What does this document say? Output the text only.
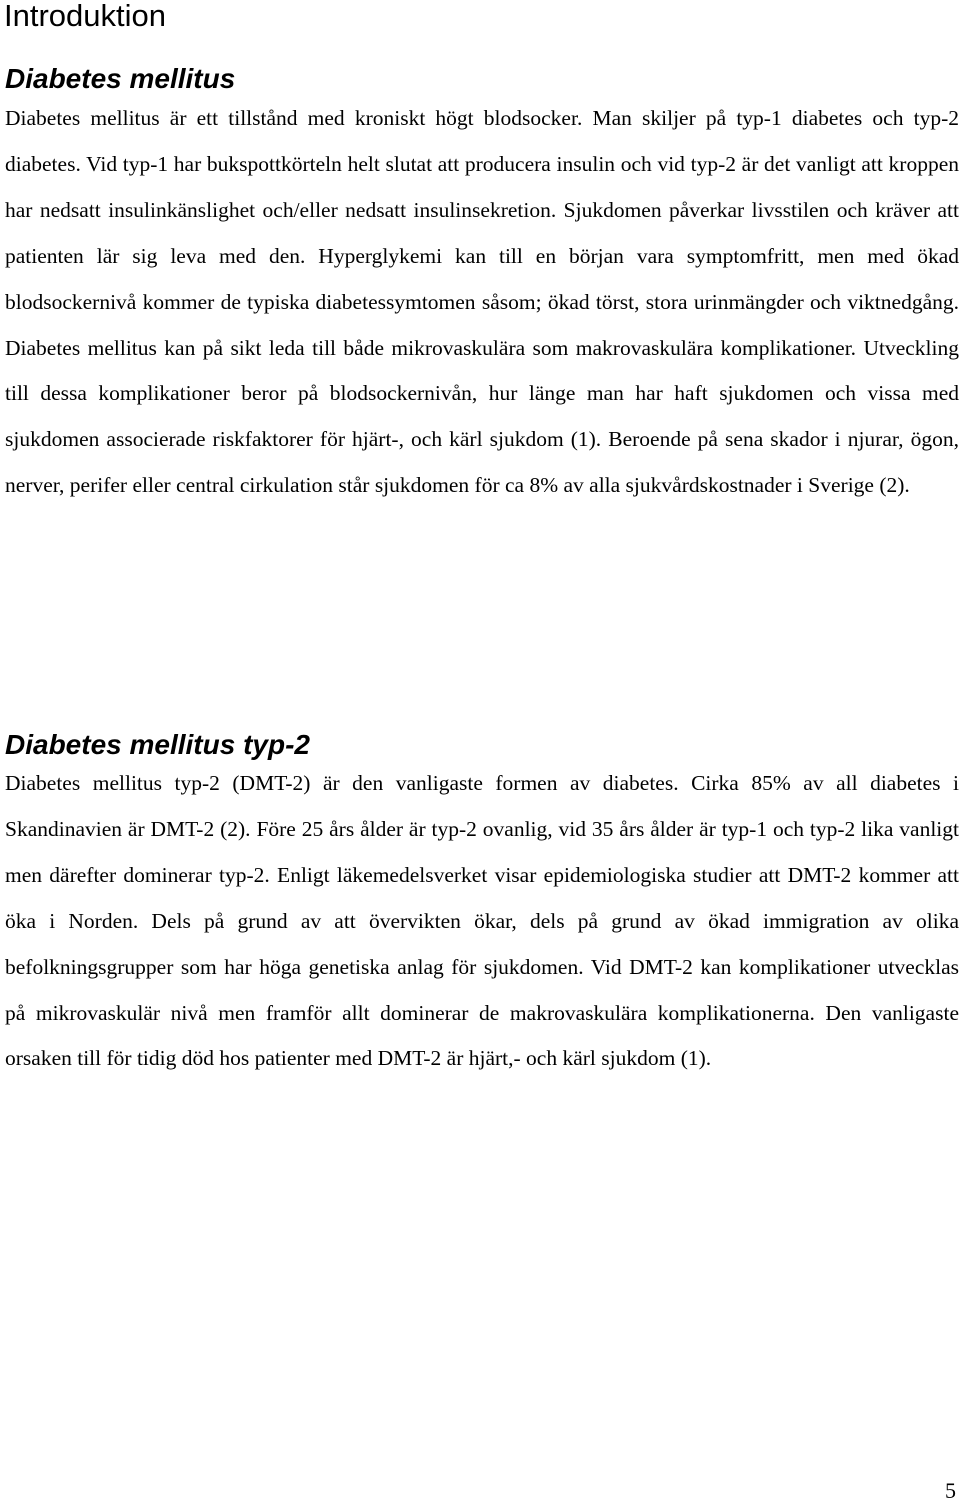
Introduktion
Diabetes mellitus

Diabetes mellitus är ett tillstånd med kroniskt högt blodsocker. Man skiljer på typ-1 diabetes och typ-2 diabetes. Vid typ-1 har bukspottkörteln helt slutat att producera insulin och vid typ-2 är det vanligt att kroppen har nedsatt insulinkänslighet och/eller nedsatt insulinsekretion. Sjukdomen påverkar livsstilen och kräver att patienten lär sig leva med den. Hyperglykemi kan till en början vara symptomfritt, men med ökad blodsockernivå kommer de typiska diabetessymtomen såsom; ökad törst, stora urinmängder och viktnedgång. Diabetes mellitus kan på sikt leda till både mikrovaskulära som makrovaskulära komplikationer. Utveckling till dessa komplikationer beror på blodsockernivån, hur länge man har haft sjukdomen och vissa med sjukdomen associerade riskfaktorer för hjärt-, och kärl sjukdom (1). Beroende på sena skador i njurar, ögon, nerver, perifer eller central cirkulation står sjukdomen för ca 8% av alla sjukvårdskostnader i Sverige (2).

Diabetes mellitus typ-2

Diabetes mellitus typ-2 (DMT-2) är den vanligaste formen av diabetes. Cirka 85% av all diabetes i Skandinavien är DMT-2 (2). Före 25 års ålder är typ-2 ovanlig, vid 35 års ålder är typ-1 och typ-2 lika vanligt men därefter dominerar typ-2. Enligt läkemedelsverket visar epidemiologiska studier att DMT-2 kommer att öka i Norden. Dels på grund av att övervikten ökar, dels på grund av ökad immigration av olika befolkningsgrupper som har höga genetiska anlag för sjukdomen. Vid DMT-2 kan komplikationer utvecklas på mikrovaskulär nivå men framför allt dominerar de makrovaskulära komplikationerna. Den vanligaste orsaken till för tidig död hos patienter med DMT-2 är hjärt,- och kärl sjukdom (1).

5
